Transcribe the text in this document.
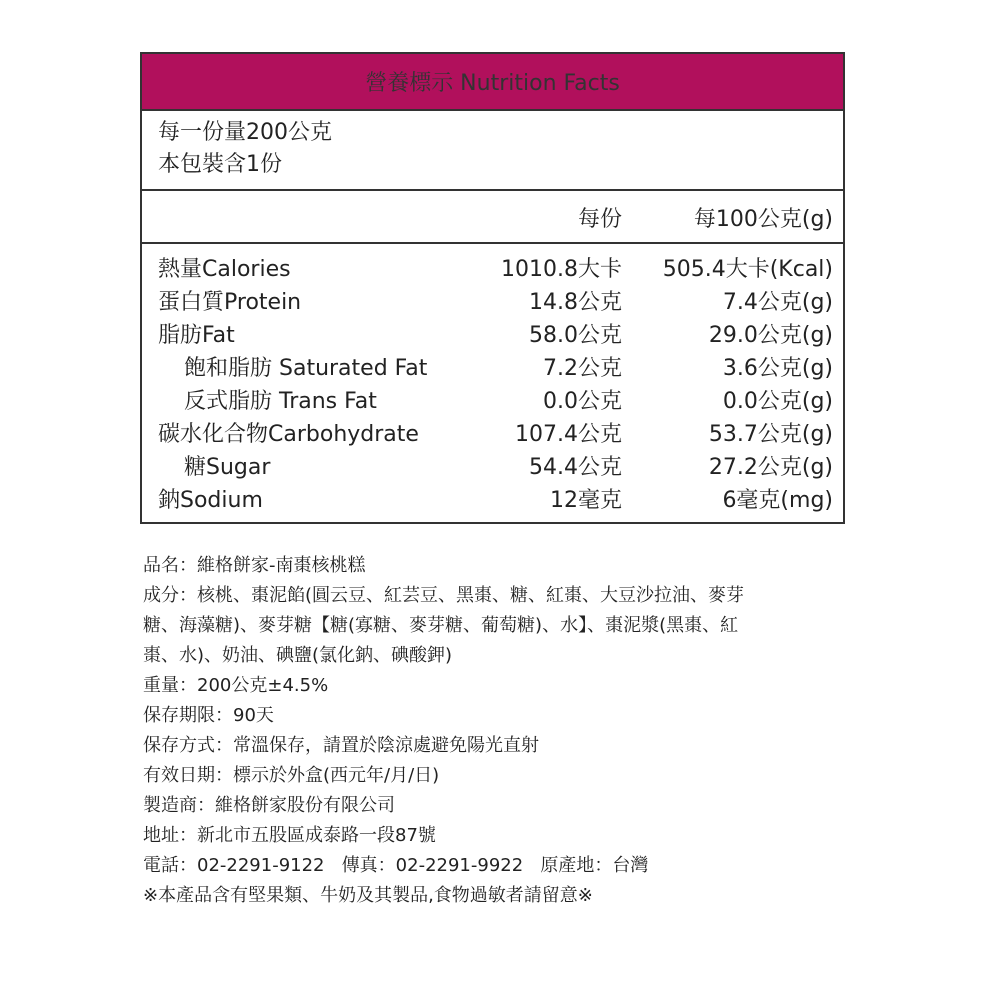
營養標示 Nutrition Facts
每一份量200公克
本包裝含1份
每份	每100公克(g)
熱量Calories	1010.8大卡 505.4大卡(Kcal)
蛋白質Protein	14.8公克	7.4公克(g)
脂肪Fat	58.0公克	29.0公克(g)
飽和脂肪 Saturated Fat	7.2公克	3.6公克(g)
反式脂肪 Trans Fat	0.0公克	0.0公克(g)
碳水化合物Carbohydrate	107.4公克	53.7公克(g)
糖Sugar	54.4公克	27.2公克(g)
鈉Sodium	12毫克	6毫克(mg)
品名：維格餅家-南棗核桃糕
成分：核桃、棗泥餡(圓云豆、紅芸豆、黑棗、糖、紅棗、大豆沙拉油、麥芽
糖、海藻糖)、麥芽糖【糖(寡糖、麥芽糖、葡萄糖)、水】、棗泥漿(黑棗、紅
棗、水)、奶油、碘鹽(氯化鈉、碘酸鉀)
重量：200公克±4.5%
保存期限：90天
保存方式：常溫保存，請置於陰涼處避免陽光直射
有效日期：標示於外盒(西元年/月/日)
製造商：維格餅家股份有限公司
地址：新北市五股區成泰路一段87號
電話：02-2291-9122   傳真：02-2291-9922   原產地：台灣
※本產品含有堅果類、牛奶及其製品,食物過敏者請留意※
